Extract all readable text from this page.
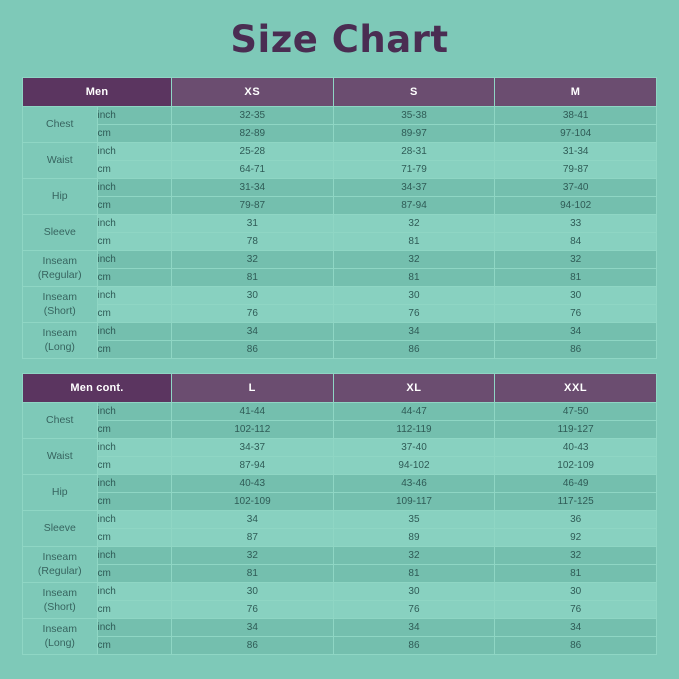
Size Chart
Men		XS	S	M
Chest	inch	32-35	35-38	38-41
	cm	82-89	89-97	97-104
Waist	inch	25-28	28-31	31-34
	cm	64-71	71-79	79-87
Hip	inch	31-34	34-37	37-40
	cm	79-87	87-94	94-102
Sleeve	inch	31	32	33
	cm	78	81	84
Inseam
(Regular)	inch	32	32	32
	cm	81	81	81
Inseam
(Short)	inch	30	30	30
	cm	76	76	76
Inseam
(Long)	inch	34	34	34
	cm	86	86	86
Men cont.		L	XL	XXL
Chest	inch	41-44	44-47	47-50
	cm	102-112	112-119	119-127
Waist	inch	34-37	37-40	40-43
	cm	87-94	94-102	102-109
Hip	inch	40-43	43-46	46-49
	cm	102-109	109-117	117-125
Sleeve	inch	34	35	36
	cm	87	89	92
Inseam
(Regular)	inch	32	32	32
	cm	81	81	81
Inseam
(Short)	inch	30	30	30
	cm	76	76	76
Inseam
(Long)	inch	34	34	34
	cm	86	86	86
